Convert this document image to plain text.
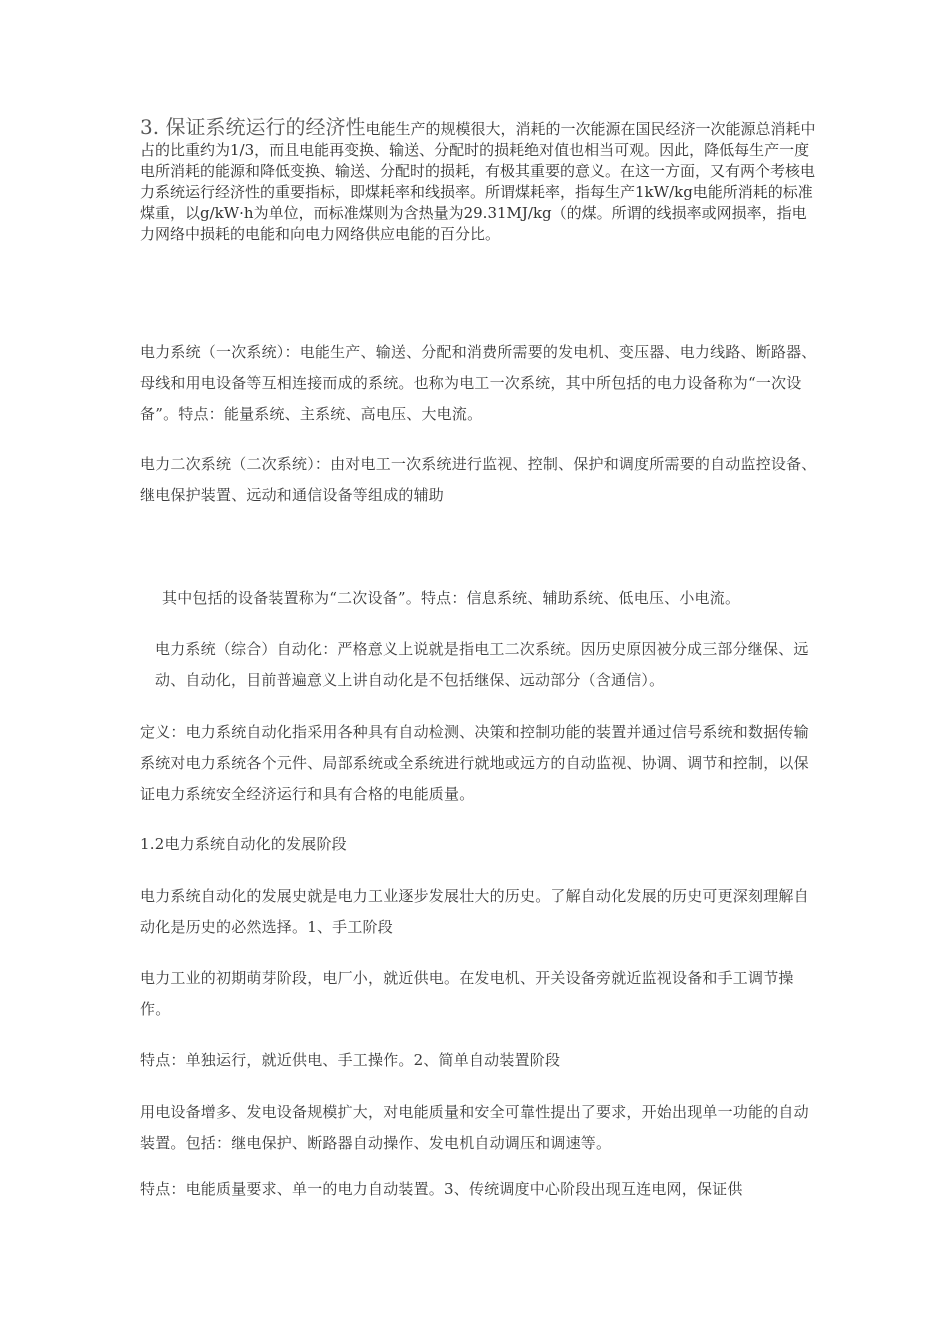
3. 保证系统运行的经济性电能生产的规模很大，消耗的一次能源在国民经济一次能源总消耗中占的比重约为1/3，而且电能再变换、输送、分配时的损耗绝对值也相当可观。因此，降低每生产一度电所消耗的能源和降低变换、输送、分配时的损耗，有极其重要的意义。在这一方面，又有两个考核电力系统运行经济性的重要指标，即煤耗率和线损率。所谓煤耗率，指每生产1kW/kg电能所消耗的标准煤重，以g/kW·h为单位，而标准煤则为含热量为29.31MJ/kg（的煤。所谓的线损率或网损率，指电力网络中损耗的电能和向电力网络供应电能的百分比。

电力系统（一次系统）：电能生产、输送、分配和消费所需要的发电机、变压器、电力线路、断路器、母线和用电设备等互相连接而成的系统。也称为电工一次系统，其中所包括的电力设备称为“一次设备”。特点：能量系统、主系统、高电压、大电流。

电力二次系统（二次系统）：由对电工一次系统进行监视、控制、保护和调度所需要的自动监控设备、继电保护装置、远动和通信设备等组成的辅助

其中包括的设备装置称为“二次设备”。特点：信息系统、辅助系统、低电压、小电流。

电力系统（综合）自动化：严格意义上说就是指电工二次系统。因历史原因被分成三部分继保、远动、自动化，目前普遍意义上讲自动化是不包括继保、远动部分（含通信）。

定义：电力系统自动化指采用各种具有自动检测、决策和控制功能的装置并通过信号系统和数据传输系统对电力系统各个元件、局部系统或全系统进行就地或远方的自动监视、协调、调节和控制，以保证电力系统安全经济运行和具有合格的电能质量。

1.2电力系统自动化的发展阶段

电力系统自动化的发展史就是电力工业逐步发展壮大的历史。了解自动化发展的历史可更深刻理解自动化是历史的必然选择。1、手工阶段

电力工业的初期萌芽阶段，电厂小，就近供电。在发电机、开关设备旁就近监视设备和手工调节操作。

特点：单独运行，就近供电、手工操作。2、简单自动装置阶段

用电设备增多、发电设备规模扩大，对电能质量和安全可靠性提出了要求，开始出现单一功能的自动装置。包括：继电保护、断路器自动操作、发电机自动调压和调速等。

特点：电能质量要求、单一的电力自动装置。3、传统调度中心阶段出现互连电网，保证供
